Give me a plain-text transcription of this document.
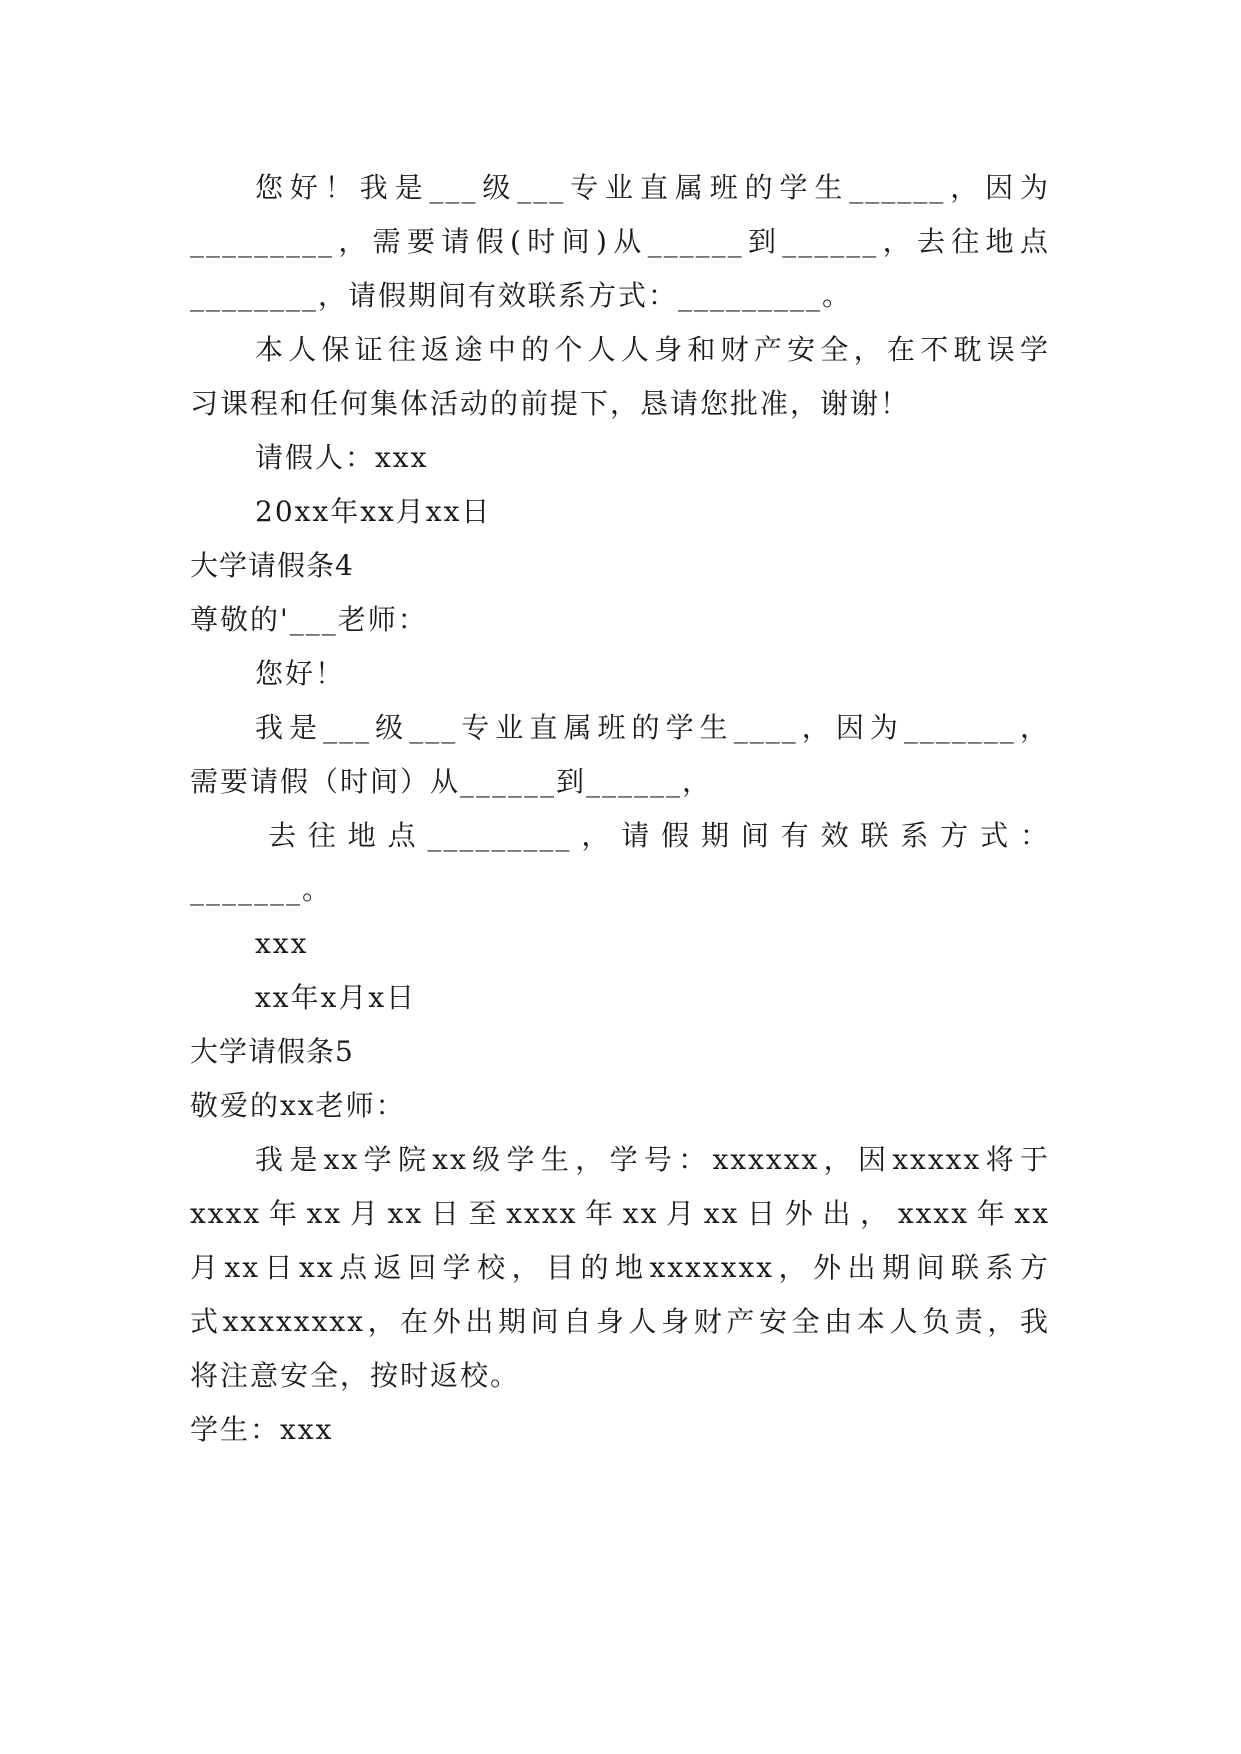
您好！我是___级___专业直属班的学生______，因为
_________，需要请假(时间)从______到______，去往地点
________，请假期间有效联系方式：_________。
本人保证往返途中的个人人身和财产安全，在不耽误学
习课程和任何集体活动的前提下，恳请您批准，谢谢！
请假人：xxx
20xx年xx月xx日
大学请假条4
尊敬的'___老师：
您好！
我是___级___专业直属班的学生____，因为_______，
需要请假（时间）从______到______，
去往地点_________，请假期间有效联系方式：
_______。
xxx
xx年x月x日
大学请假条5
敬爱的xx老师：
我是xx学院xx级学生，学号：xxxxxx，因xxxxx将于
xxxx年xx月xx日至xxxx年xx月xx日外出，xxxx年xx
月xx日xx点返回学校，目的地xxxxxxx，外出期间联系方
式xxxxxxxx，在外出期间自身人身财产安全由本人负责，我
将注意安全，按时返校。
学生：xxx
